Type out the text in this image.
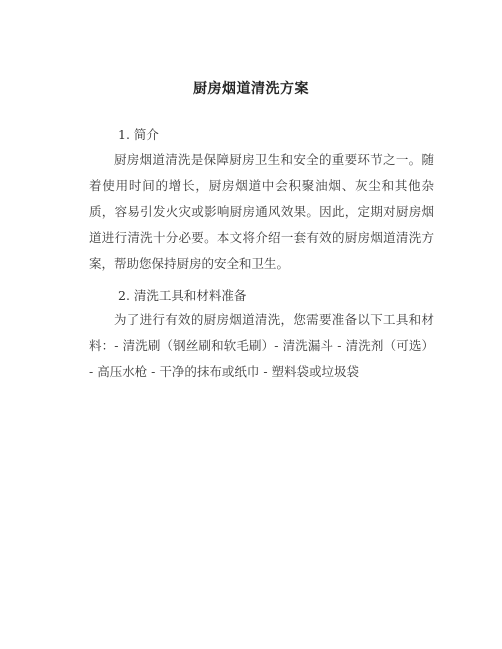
厨房烟道清洗方案
1. 简介
厨房烟道清洗是保障厨房卫生和安全的重要环节之一。随着使用时间的增长，厨房烟道中会积聚油烟、灰尘和其他杂质，容易引发火灾或影响厨房通风效果。因此，定期对厨房烟道进行清洗十分必要。本文将介绍一套有效的厨房烟道清洗方案，帮助您保持厨房的安全和卫生。
2. 清洗工具和材料准备
为了进行有效的厨房烟道清洗，您需要准备以下工具和材料：- 清洗刷（钢丝刷和软毛刷）- 清洗漏斗 - 清洗剂（可选）- 高压水枪 - 干净的抹布或纸巾 - 塑料袋或垃圾袋
